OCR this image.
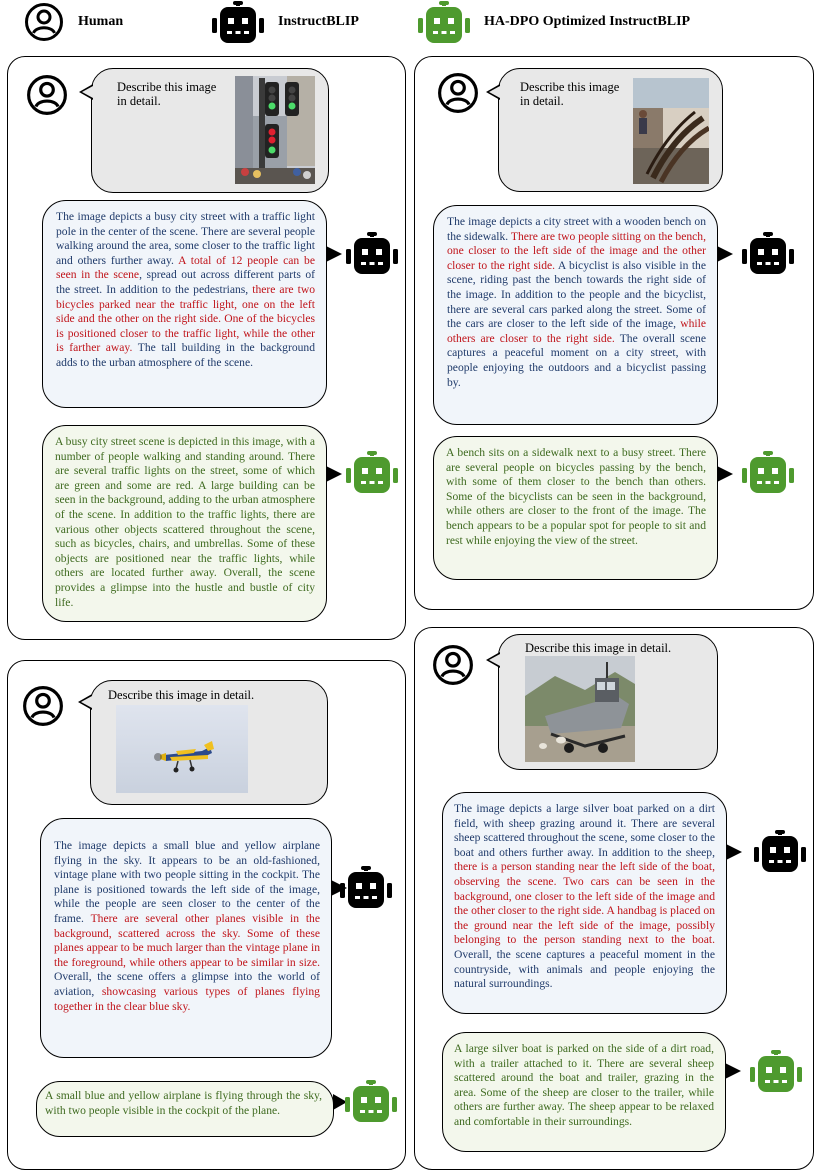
Human	InstructBLIP	HA-DPO Optimized InstructBLIP
Describe this image
in detail.
The image depicts a busy city street with a traffic light pole in the center of the scene. There are several people walking around the area, some closer to the traffic light and others further away. A total of 12 people can be seen in the scene, spread out across different parts of the street. In addition to the pedestrians, there are two bicycles parked near the traffic light, one on the left side and the other on the right side. One of the bicycles is positioned closer to the traffic light, while the other is farther away. The tall building in the background adds to the urban atmosphere of the scene.
A busy city street scene is depicted in this image, with a number of people walking and standing around. There are several traffic lights on the street, some of which are green and some are red. A large building can be seen in the background, adding to the urban atmosphere of the scene. In addition to the traffic lights, there are various other objects scattered throughout the scene, such as bicycles, chairs, and umbrellas. Some of these objects are positioned near the traffic lights, while others are located further away. Overall, the scene provides a glimpse into the hustle and bustle of city life.
Describe this image
in detail.
The image depicts a city street with a wooden bench on the sidewalk. There are two people sitting on the bench, one closer to the left side of the image and the other closer to the right side. A bicyclist is also visible in the scene, riding past the bench towards the right side of the image. In addition to the people and the bicyclist, there are several cars parked along the street. Some of the cars are closer to the left side of the image, while others are closer to the right side. The overall scene captures a peaceful moment on a city street, with people enjoying the outdoors and a bicyclist passing by.
A bench sits on a sidewalk next to a busy street. There are several people on bicycles passing by the bench, with some of them closer to the bench than others. Some of the bicyclists can be seen in the background, while others are closer to the front of the image. The bench appears to be a popular spot for people to sit and rest while enjoying the view of the street.
Describe this image in detail.
The image depicts a small blue and yellow airplane flying in the sky. It appears to be an old-fashioned, vintage plane with two people sitting in the cockpit. The plane is positioned towards the left side of the image, while the people are seen closer to the center of the frame. There are several other planes visible in the background, scattered across the sky. Some of these planes appear to be much larger than the vintage plane in the foreground, while others appear to be similar in size. Overall, the scene offers a glimpse into the world of aviation, showcasing various types of planes flying together in the clear blue sky.
A small blue and yellow airplane is flying through the sky, with two people visible in the cockpit of the plane.
Describe this image in detail.
The image depicts a large silver boat parked on a dirt field, with sheep grazing around it. There are several sheep scattered throughout the scene, some closer to the boat and others further away. In addition to the sheep, there is a person standing near the left side of the boat, observing the scene. Two cars can be seen in the background, one closer to the left side of the image and the other closer to the right side. A handbag is placed on the ground near the left side of the image, possibly belonging to the person standing next to the boat. Overall, the scene captures a peaceful moment in the countryside, with animals and people enjoying the natural surroundings.
A large silver boat is parked on the side of a dirt road, with a trailer attached to it. There are several sheep scattered around the boat and trailer, grazing in the area. Some of the sheep are closer to the trailer, while others are further away. The sheep appear to be relaxed and comfortable in their surroundings.
